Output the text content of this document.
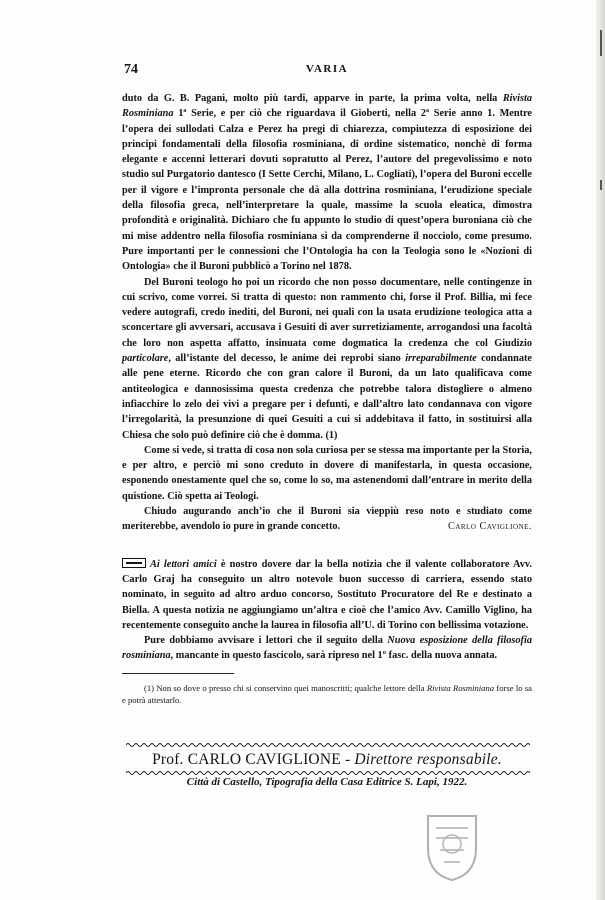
74	VARIA

duto da G. B. Pagani, molto più tardi, apparve in parte, la prima volta, nella Rivista Rosminiana 1ª Serie, e per ciò che riguardava il Gioberti, nella 2ª Serie anno 1. Mentre l’opera dei sullodati Calza e Perez ha pregi di chiarezza, compiutezza di esposizione dei principi fondamentali della filosofia rosminiana, di ordine sistematico, nonchè di forma elegante e accenni letterari dovuti sopratutto al Perez, l’autore del pregevolissimo e noto studio sul Purgatorio dantesco (I Sette Cerchi, Milano, L. Cogliati), l’opera del Buroni eccelle per il vigore e l’impronta personale che dà alla dottrina rosminiana, l’erudizione speciale della filosofia greca, nell’interpretare la quale, massime la scuola eleatica, dimostra profondità e originalità. Dichiaro che fu appunto lo studio di quest’opera buroniana ciò che mi mise addentro nella filosofia rosminiana sì da comprenderne il nocciolo, come presumo. Pure importanti per le connessioni che l’Ontologia ha con la Teologia sono le «Nozioni di Ontologia» che il Buroni pubblicò a Torino nel 1878.

Del Buroni teologo ho poi un ricordo che non posso documentare, nelle contingenze in cui scrivo, come vorrei. Si tratta di questo: non rammento chi, forse il Prof. Billia, mi fece vedere autografi, credo inediti, del Buroni, nei quali con la usata erudizione teologica atta a sconcertare gli avversari, accusava i Gesuiti di aver surretiziamente, arrogandosi una facoltà che loro non aspetta affatto, insinuata come dogmatica la credenza che col Giudizio particolare, all’istante del decesso, le anime dei reprobi siano irreparabilmente condannate alle pene eterne. Ricordo che con gran calore il Buroni, da un lato qualificava come antiteologica e dannosissima questa credenza che potrebbe talora distogliere o almeno infiacchire lo zelo dei vivi a pregare per i defunti, e dall’altro lato condannava con vigore l’irregolarità, la presunzione di quei Gesuiti a cui si addebitava il fatto, in sostituirsi alla Chiesa che solo può definire ciò che è domma. (1)

Come si vede, si tratta di cosa non sola curiosa per se stessa ma importante per la Storia, e per altro, e perciò mi sono creduto in dovere di manifestarla, in questa occasione, esponendo onestamente quel che so, come lo so, ma astenendomi dall’entrare in merito della quistione. Ciò spetta ai Teologi.

Chiudo augurando anch’io che il Buroni sia vieppiù reso noto e studiato come meriterebbe, avendolo io pure in grande concetto.	Carlo Caviglione.

Ai lettori amici è nostro dovere dar la bella notizia che il valente collaboratore Avv. Carlo Graj ha conseguito un altro notevole buon successo di carriera, essendo stato nominato, in seguito ad altro arduo concorso, Sostituto Procuratore del Re e destinato a Biella. A questa notizia ne aggiungiamo un’altra e cioè che l’amico Avv. Camillo Viglino, ha recentemente conseguito anche la laurea in filosofia all’U. di Torino con bellissima votazione.

Pure dobbiamo avvisare i lettori che il seguito della Nuova esposizione della filosofia rosminiana, mancante in questo fascicolo, sarà ripreso nel 1º fasc. della nuova annata.

(1) Non so dove o presso chi si conservino quei manoscritti; qualche lettore della Rivista Rosminiana forse lo sa e potrà attestarlo.

Prof. CARLO CAVIGLIONE - Direttore responsabile.
Città di Castello, Tipografia della Casa Editrice S. Lapi, 1922.
